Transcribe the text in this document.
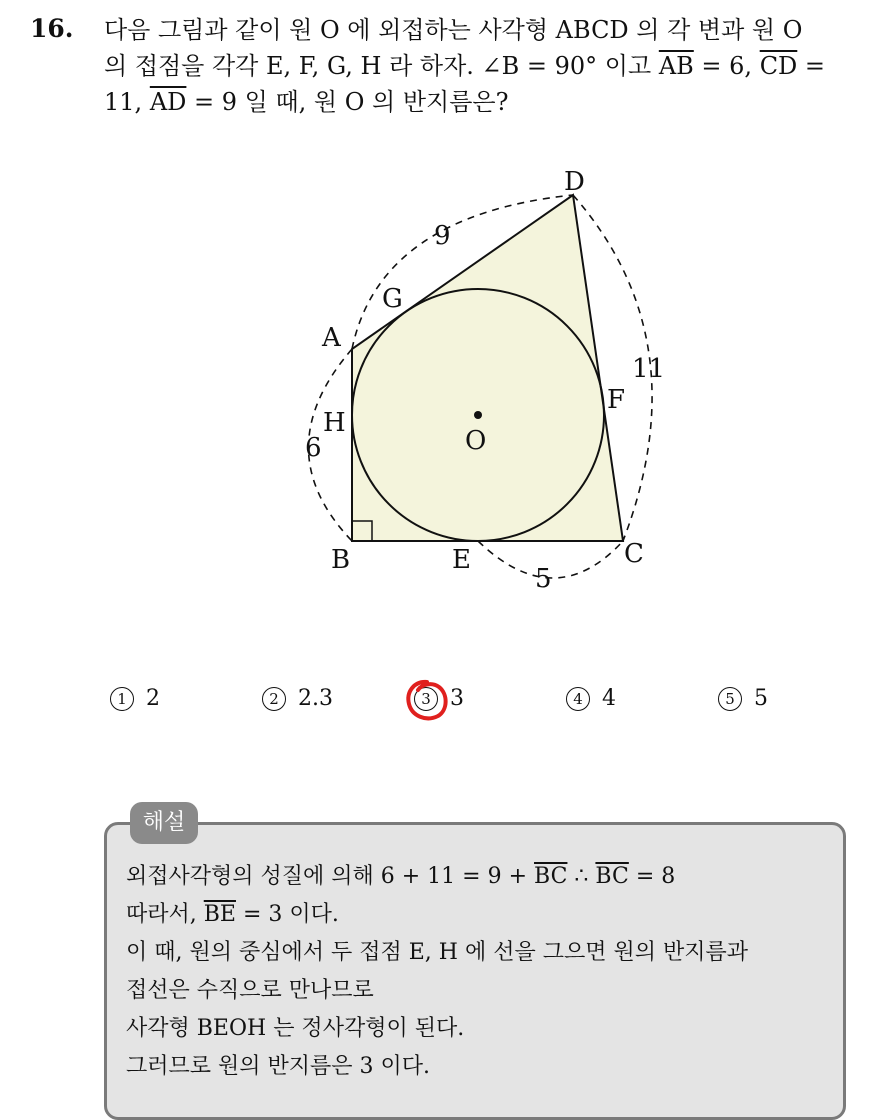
16. 다음 그림과 같이 원 O 에 외접하는 사각형 ABCD 의 각 변과 원 O
의 접점을 각각 E, F, G, H 라 하자. ∠B = 90° 이고 $\overline{AB} = 6$, $\overline{CD}$ =
11, $\overline{AD} = 9$ 일 때, 원 O 의 반지름은?
D
A
B	C
G
H
F
E
O
9
6
11
5
1 2	2 2.3	3 3	4 4	5 5
해설
외접사각형의 성질에 의해 $6 + 11 = 9 + \overline{BC}$ ∴ $\overline{BC} = 8$
따라서, $\overline{BE} = 3$ 이다.
이 때, 원의 중심에서 두 접점 E, H 에 선을 그으면 원의 반지름과
접선은 수직으로 만나므로
사각형 BEOH 는 정사각형이 된다.
그러므로 원의 반지름은 3 이다.
